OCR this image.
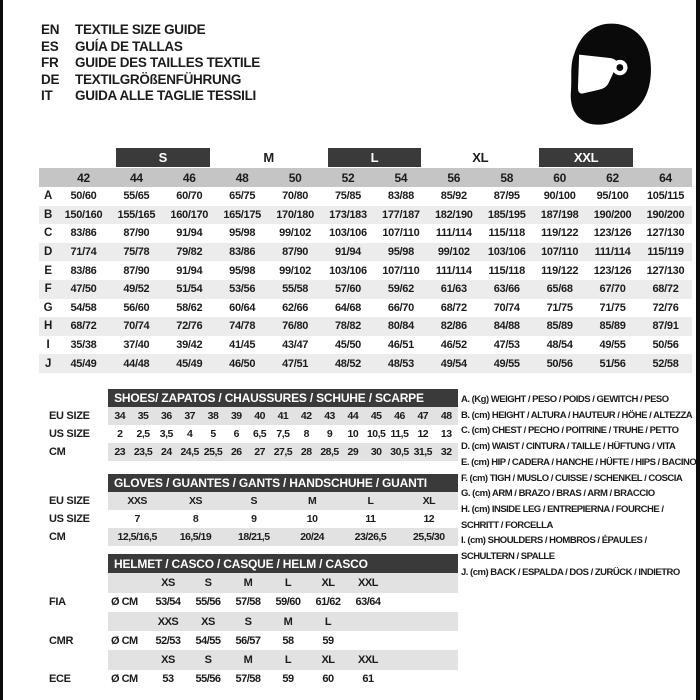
EN	TEXTILE SIZE GUIDE
ES	GUÍA DE TALLAS
FR	GUIDE DES TAILLES TEXTILE
DE	TEXTILGRÖßENFÜHRUNG
IT	GUIDA ALLE TAGLIE TESSILI

		S		M		L		XL		XXL		

	42	44	46	48	50	52	54	56	58	60	62	64
A	50/60	55/65	60/70	65/75	70/80	75/85	83/88	85/92	87/95	90/100	95/100	105/115
B	150/160	155/165	160/170	165/175	170/180	173/183	177/187	182/190	185/195	187/198	190/200	190/200
C	83/86	87/90	91/94	95/98	99/102	103/106	107/110	111/114	115/118	119/122	123/126	127/130
D	71/74	75/78	79/82	83/86	87/90	91/94	95/98	99/102	103/106	107/110	111/114	115/119
E	83/86	87/90	91/94	95/98	99/102	103/106	107/110	111/114	115/118	119/122	123/126	127/130
F	47/50	49/52	51/54	53/56	55/58	57/60	59/62	61/63	63/66	65/68	67/70	68/72
G	54/58	56/60	58/62	60/64	62/66	64/68	66/70	68/72	70/74	71/75	71/75	72/76
H	68/72	70/74	72/76	74/78	76/80	78/82	80/84	82/86	84/88	85/89	85/89	87/91
I	35/38	37/40	39/42	41/45	43/47	45/50	46/51	46/52	47/53	48/54	49/55	50/56
J	45/49	44/48	45/49	46/50	47/51	48/52	48/53	49/54	49/55	50/56	51/56	52/58
	SHOES/ ZAPATOS / CHAUSSURES / SCHUHE / SCARPE														
EU SIZE	34	35	36	37	38	39	40	41	42	43	44	45	46	47	48
US SIZE	2	2,5	3,5	4	5	6	6,5	7,5	8	9	10	10,5	11,5	12	13
CM	23	23,5	24	24,5	25,5	26	27	27,5	28	28,5	29	30	30,5	31,5	32
	GLOVES / GUANTES / GANTS / HANDSCHUHE / GUANTI					
EU SIZE	XXS	XS	S	M	L	XL
US SIZE	7	8	9	10	11	12
CM	12,5/16,5	16,5/19	18/21,5	20/24	23/26,5	25,5/30
	HELMET / CASCO / CASQUE / HELM / CASCO							
		XS	S	M	L	XL	XXL	
FIA	Ø CM	53/54	55/56	57/58	59/60	61/62	63/64	
		XXS	XS	S	M	L		
CMR	Ø CM	52/53	54/55	56/57	58	59		
		XS	S	M	L	XL	XXL	
ECE	Ø CM	53	55/56	57/58	59	60	61	
A. (Kg) WEIGHT / PESO / POIDS / GEWITCH / PESO
B. (cm) HEIGHT / ALTURA / HAUTEUR / HÖHE / ALTEZZA
C. (cm) CHEST / PECHO / POITRINE / TRUHE / PETTO
D. (cm) WAIST / CINTURA / TAILLE / HÜFTUNG / VITA
E. (cm) HIP / CADERA / HANCHE / HÜFTE / HIPS / BACINO
F. (cm) TIGH / MUSLO / CUISSE / SCHENKEL / COSCIA
G. (cm) ARM / BRAZO / BRAS / ARM / BRACCIO
H. (cm) INSIDE LEG / ENTREPIERNA / FOURCHE / SCHRITT / FORCELLA
I. (cm) SHOULDERS / HOMBROS / ÉPAULES / SCHULTERN / SPALLE
J. (cm) BACK / ESPALDA / DOS / ZURÜCK / INDIETRO
